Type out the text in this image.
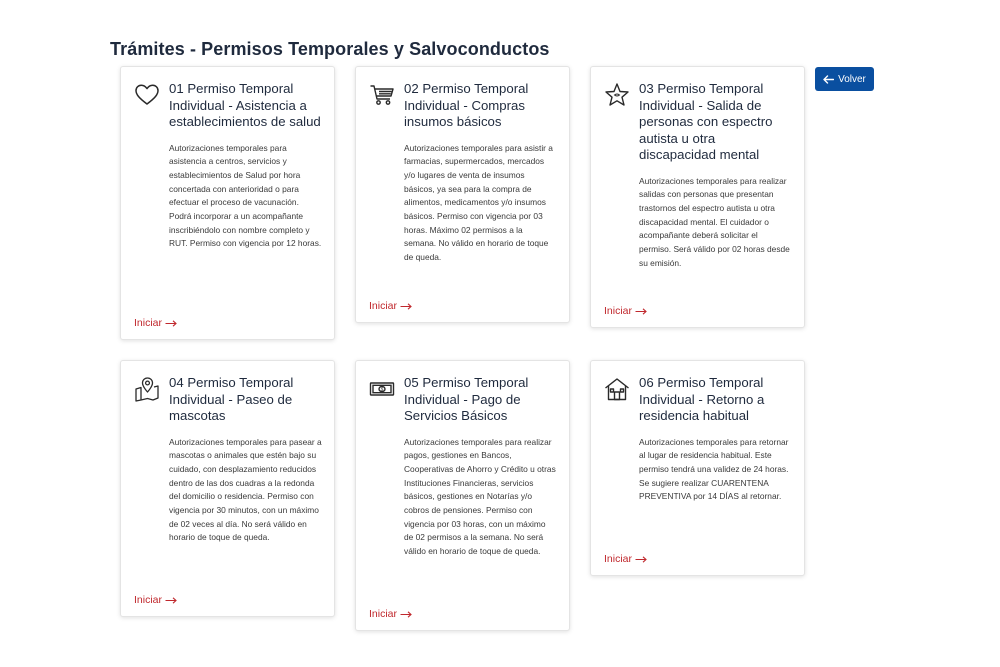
Trámites - Permisos Temporales y Salvoconductos
Volver
01 Permiso Temporal Individual - Asistencia a establecimientos de salud

Autorizaciones temporales para asistencia a centros, servicios y establecimientos de Salud por hora concertada con anterioridad o para efectuar el proceso de vacunación. Podrá incorporar a un acompañante inscribiéndolo con nombre completo y RUT. Permiso con vigencia por 12 horas.

Iniciar
02 Permiso Temporal Individual - Compras insumos básicos

Autorizaciones temporales para asistir a farmacias, supermercados, mercados y/o lugares de venta de insumos básicos, ya sea para la compra de alimentos, medicamentos y/o insumos básicos. Permiso con vigencia por 03 horas. Máximo 02 permisos a la semana. No válido en horario de toque de queda.

Iniciar
03 Permiso Temporal Individual - Salida de personas con espectro autista u otra discapacidad mental

Autorizaciones temporales para realizar salidas con personas que presentan trastornos del espectro autista u otra discapacidad mental. El cuidador o acompañante deberá solicitar el permiso. Será válido por 02 horas desde su emisión.

Iniciar
04 Permiso Temporal Individual - Paseo de mascotas

Autorizaciones temporales para pasear a mascotas o animales que estén bajo su cuidado, con desplazamiento reducidos dentro de las dos cuadras a la redonda del domicilio o residencia. Permiso con vigencia por 30 minutos, con un máximo de 02 veces al día. No será válido en horario de toque de queda.

Iniciar
$ 05 Permiso Temporal Individual - Pago de Servicios Básicos

Autorizaciones temporales para realizar pagos, gestiones en Bancos, Cooperativas de Ahorro y Crédito u otras Instituciones Financieras, servicios básicos, gestiones en Notarías y/o cobros de pensiones. Permiso con vigencia por 03 horas, con un máximo de 02 permisos a la semana. No será válido en horario de toque de queda.

Iniciar
06 Permiso Temporal Individual - Retorno a residencia habitual

Autorizaciones temporales para retornar al lugar de residencia habitual. Este permiso tendrá una validez de 24 horas. Se sugiere realizar CUARENTENA PREVENTIVA por 14 DÍAS al retornar.

Iniciar
